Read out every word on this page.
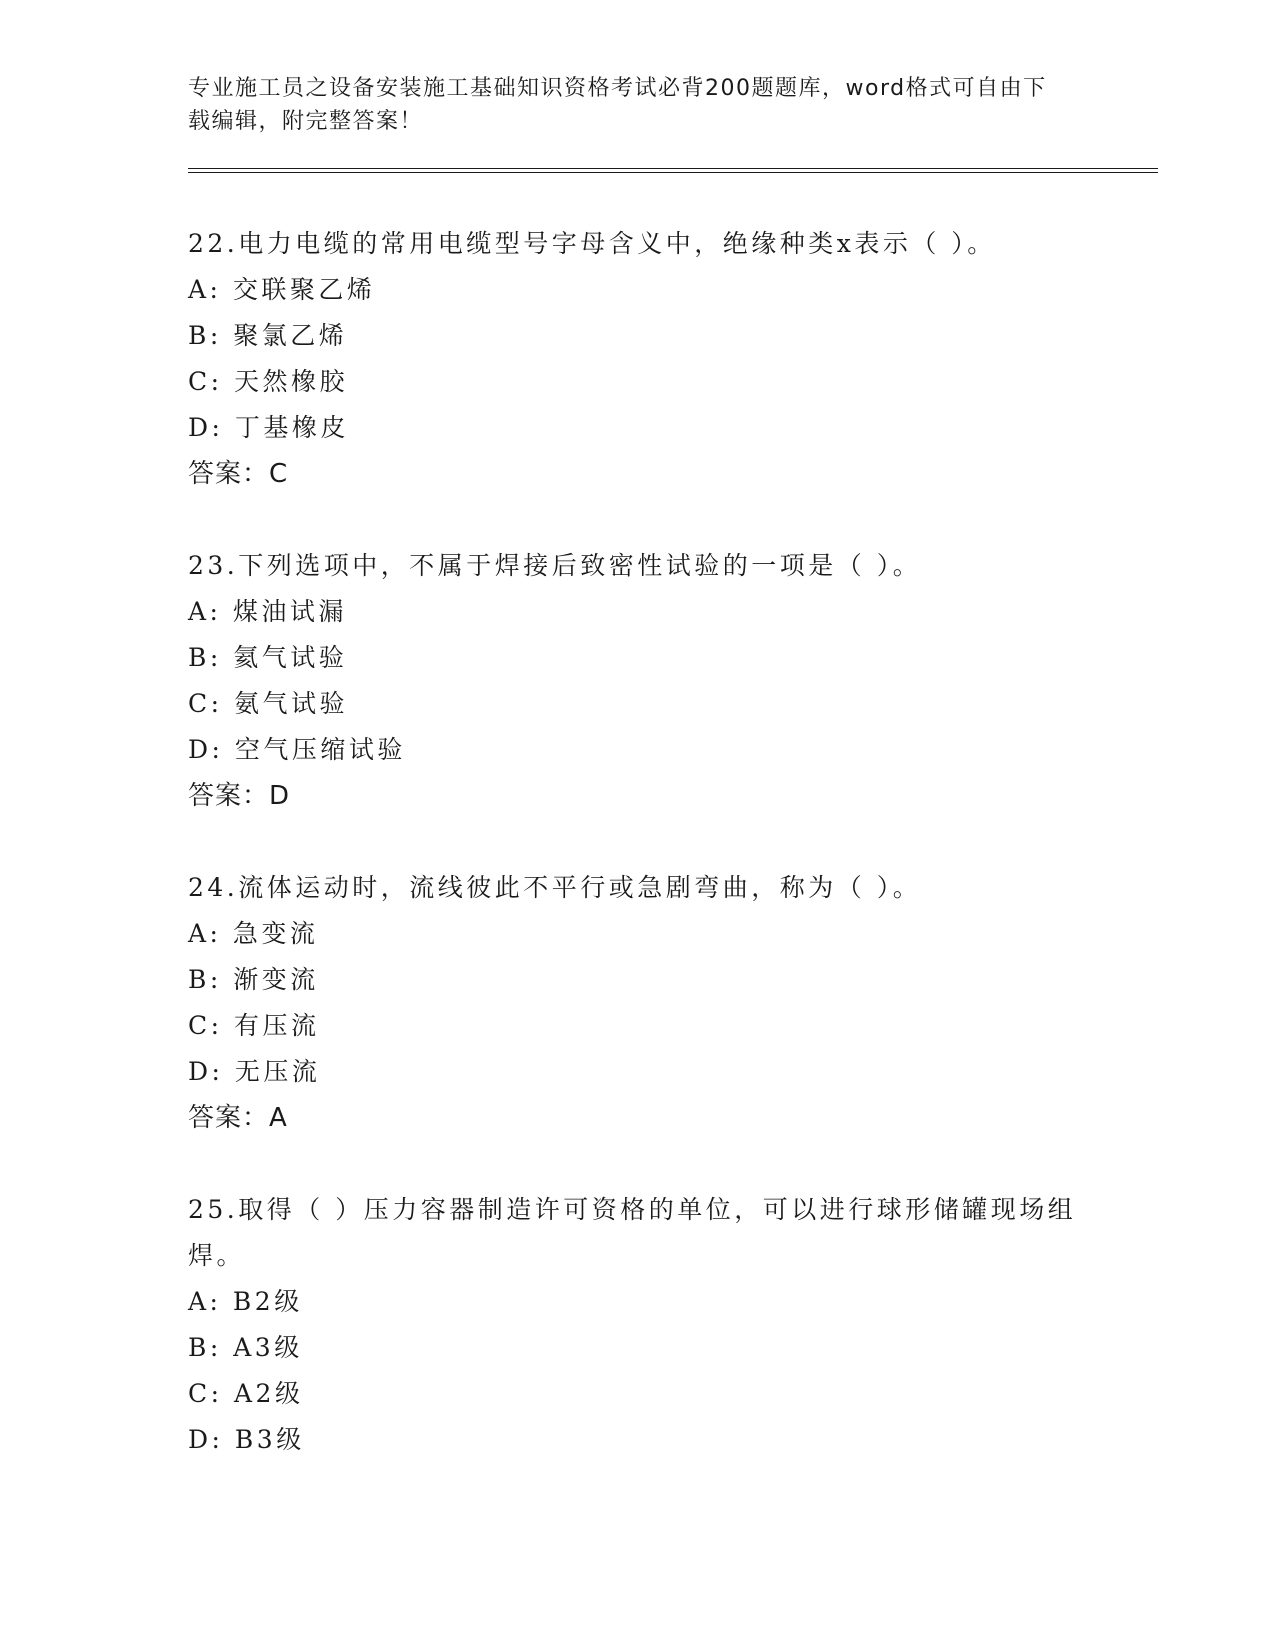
专业施工员之设备安装施工基础知识资格考试必背200题题库，word格式可自由下载编辑，附完整答案！

22.电力电缆的常用电缆型号字母含义中，绝缘种类x表示（ ）。

A: 交联聚乙烯

B: 聚氯乙烯

C: 天然橡胶

D: 丁基橡皮

答案：C

23.下列选项中，不属于焊接后致密性试验的一项是（ ）。

A: 煤油试漏

B: 氦气试验

C: 氨气试验

D: 空气压缩试验

答案：D

24.流体运动时，流线彼此不平行或急剧弯曲，称为（ ）。

A: 急变流

B: 渐变流

C: 有压流

D: 无压流

答案：A

25.取得（ ）压力容器制造许可资格的单位，可以进行球形储罐现场组焊。

A: B2级

B: A3级

C: A2级

D: B3级
